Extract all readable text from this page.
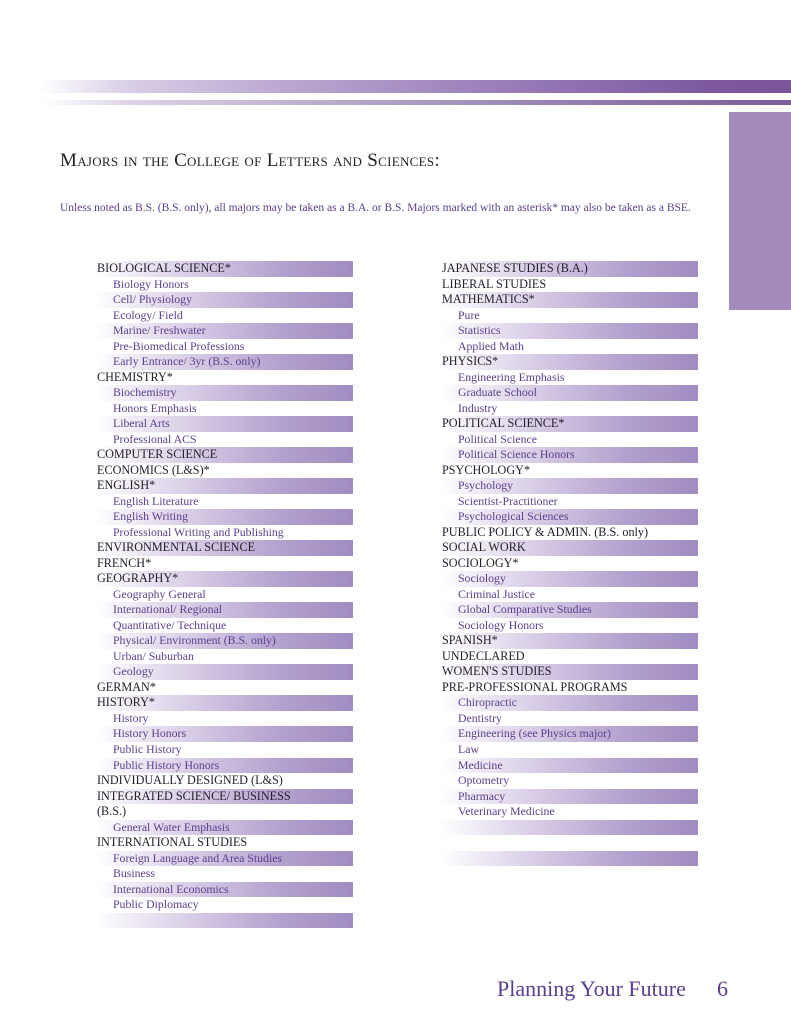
Majors in the College of Letters and Sciences:

Unless noted as B.S. (B.S. only), all majors may be taken as a B.A. or B.S. Majors marked with an asterisk* may also be taken as a BSE.

BIOLOGICAL SCIENCE*
Biology Honors
Cell/ Physiology
Ecology/ Field
Marine/ Freshwater
Pre-Biomedical Professions
Early Entrance/ 3yr (B.S. only)
CHEMISTRY*
Biochemistry
Honors Emphasis
Liberal Arts
Professional ACS
COMPUTER SCIENCE
ECONOMICS (L&S)*
ENGLISH*
English Literature
English Writing
Professional Writing and Publishing
ENVIRONMENTAL SCIENCE
FRENCH*
GEOGRAPHY*
Geography General
International/ Regional
Quantitative/ Technique
Physical/ Environment (B.S. only)
Urban/ Suburban
Geology
GERMAN*
HISTORY*
History
History Honors
Public History
Public History Honors
INDIVIDUALLY DESIGNED (L&S)
INTEGRATED SCIENCE/ BUSINESS
(B.S.)
General Water Emphasis
INTERNATIONAL STUDIES
Foreign Language and Area Studies
Business
International Economics
Public Diplomacy
JAPANESE STUDIES (B.A.)
LIBERAL STUDIES
MATHEMATICS*
Pure
Statistics
Applied Math
PHYSICS*
Engineering Emphasis
Graduate School
Industry
POLITICAL SCIENCE*
Political Science
Political Science Honors
PSYCHOLOGY*
Psychology
Scientist-Practitioner
Psychological Sciences
PUBLIC POLICY & ADMIN. (B.S. only)
SOCIAL WORK
SOCIOLOGY*
Sociology
Criminal Justice
Global Comparative Studies
Sociology Honors
SPANISH*
UNDECLARED
WOMEN'S STUDIES
PRE-PROFESSIONAL PROGRAMS
Chiropractic
Dentistry
Engineering (see Physics major)
Law
Medicine
Optometry
Pharmacy
Veterinary Medicine
Planning Your Future 6
